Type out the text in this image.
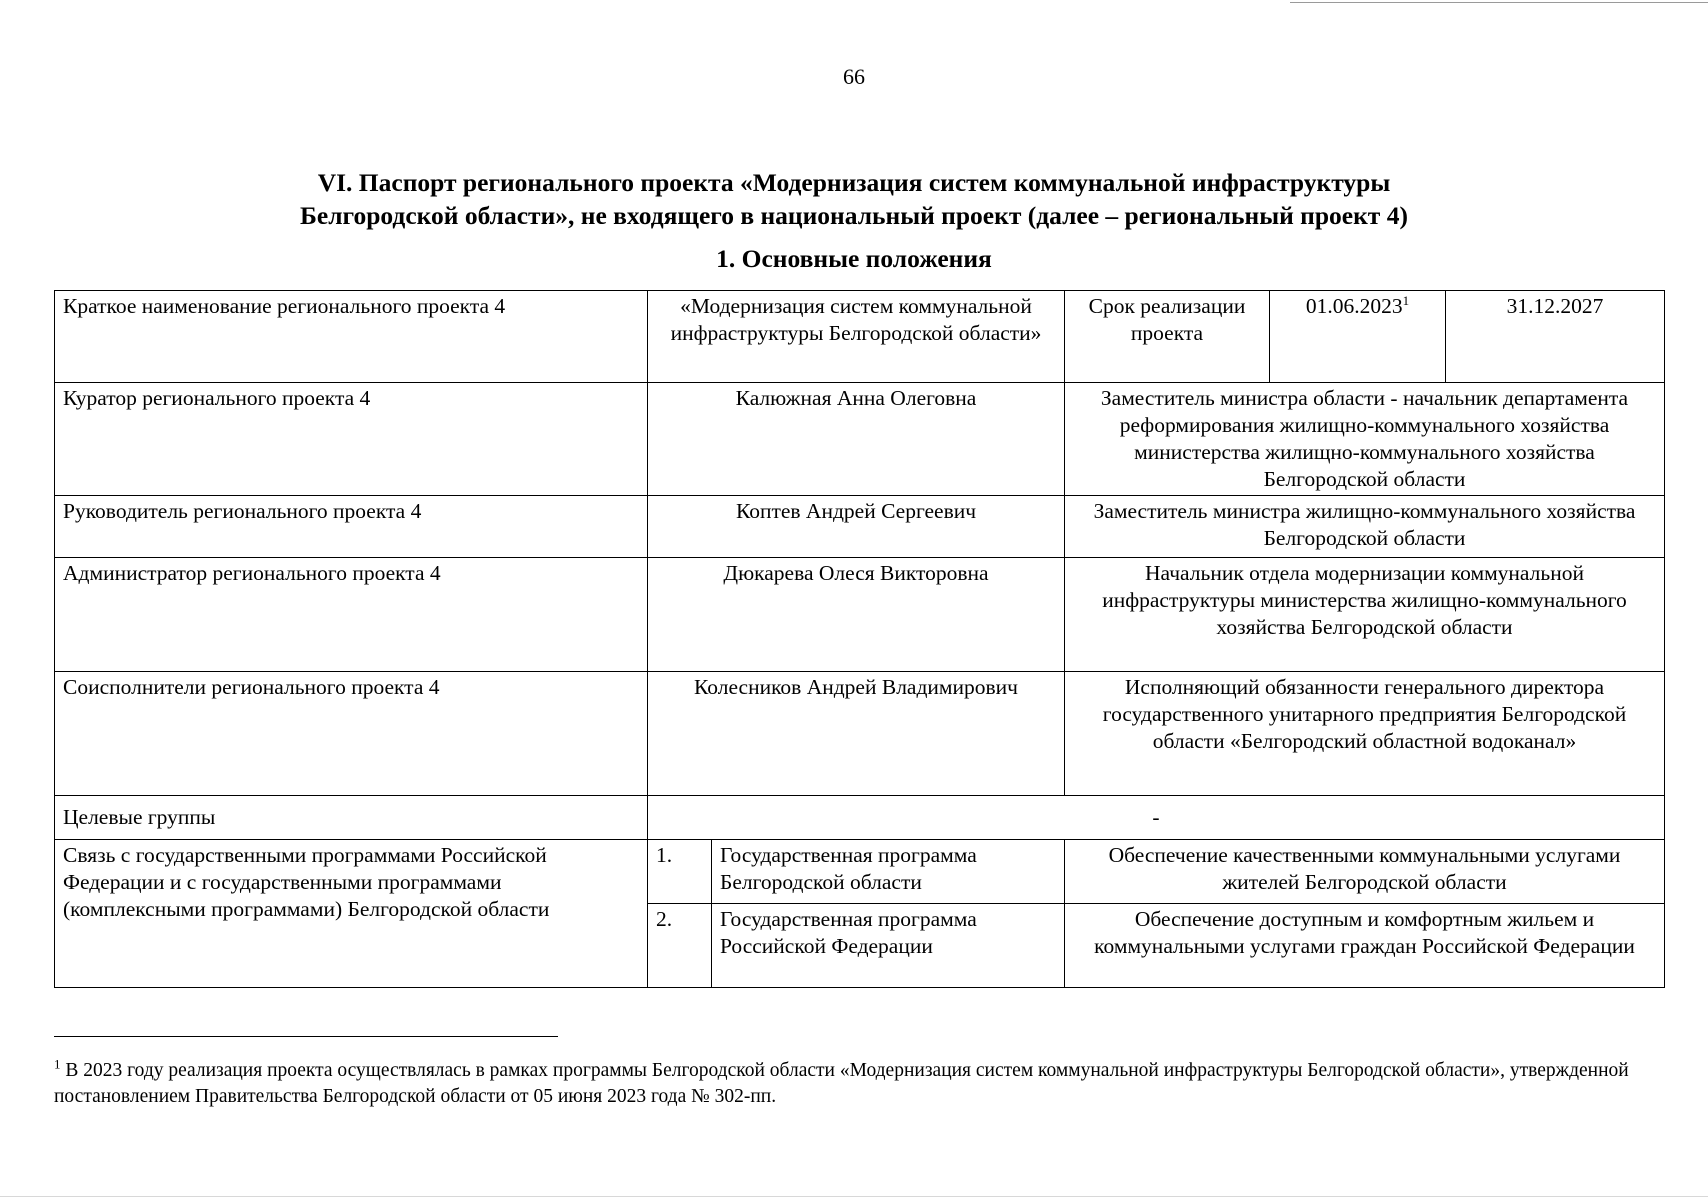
66
VI. Паспорт регионального проекта «Модернизация систем коммунальной инфраструктуры
Белгородской области», не входящего в национальный проект (далее – региональный проект 4)
1. Основные положения
Краткое наименование регионального проекта 4	«Модернизация систем коммунальной инфраструктуры Белгородской области»		Срок реализации проекта	01.06.2023$^1$	31.12.2027
Куратор регионального проекта 4	Калюжная Анна Олеговна		Заместитель министра области - начальник департамента реформирования жилищно-коммунального хозяйства министерства жилищно-коммунального хозяйства Белгородской области		
Руководитель регионального проекта 4	Коптев Андрей Сергеевич		Заместитель министра жилищно-коммунального хозяйства Белгородской области		
Администратор регионального проекта 4	Дюкарева Олеся Викторовна		Начальник отдела модернизации коммунальной инфраструктуры министерства жилищно-коммунального хозяйства Белгородской области		
Соисполнители регионального проекта 4	Колесников Андрей Владимирович		Исполняющий обязанности генерального директора государственного унитарного предприятия Белгородской области «Белгородский областной водоканал»		
Целевые группы	-				
Связь с государственными программами Российской Федерации и с государственными программами (комплексными программами) Белгородской области	1.	Государственная программа Белгородской области	Обеспечение качественными коммунальными услугами жителей Белгородской области		
	2.	Государственная программа Российской Федерации	Обеспечение доступным и комфортным жильем и коммунальными услугами граждан Российской Федерации		
$^1$ В 2023 году реализация проекта осуществлялась в рамках программы Белгородской области «Модернизация систем коммунальной инфраструктуры Белгородской области», утвержденной постановлением Правительства Белгородской области от 05 июня 2023 года № 302-пп.
